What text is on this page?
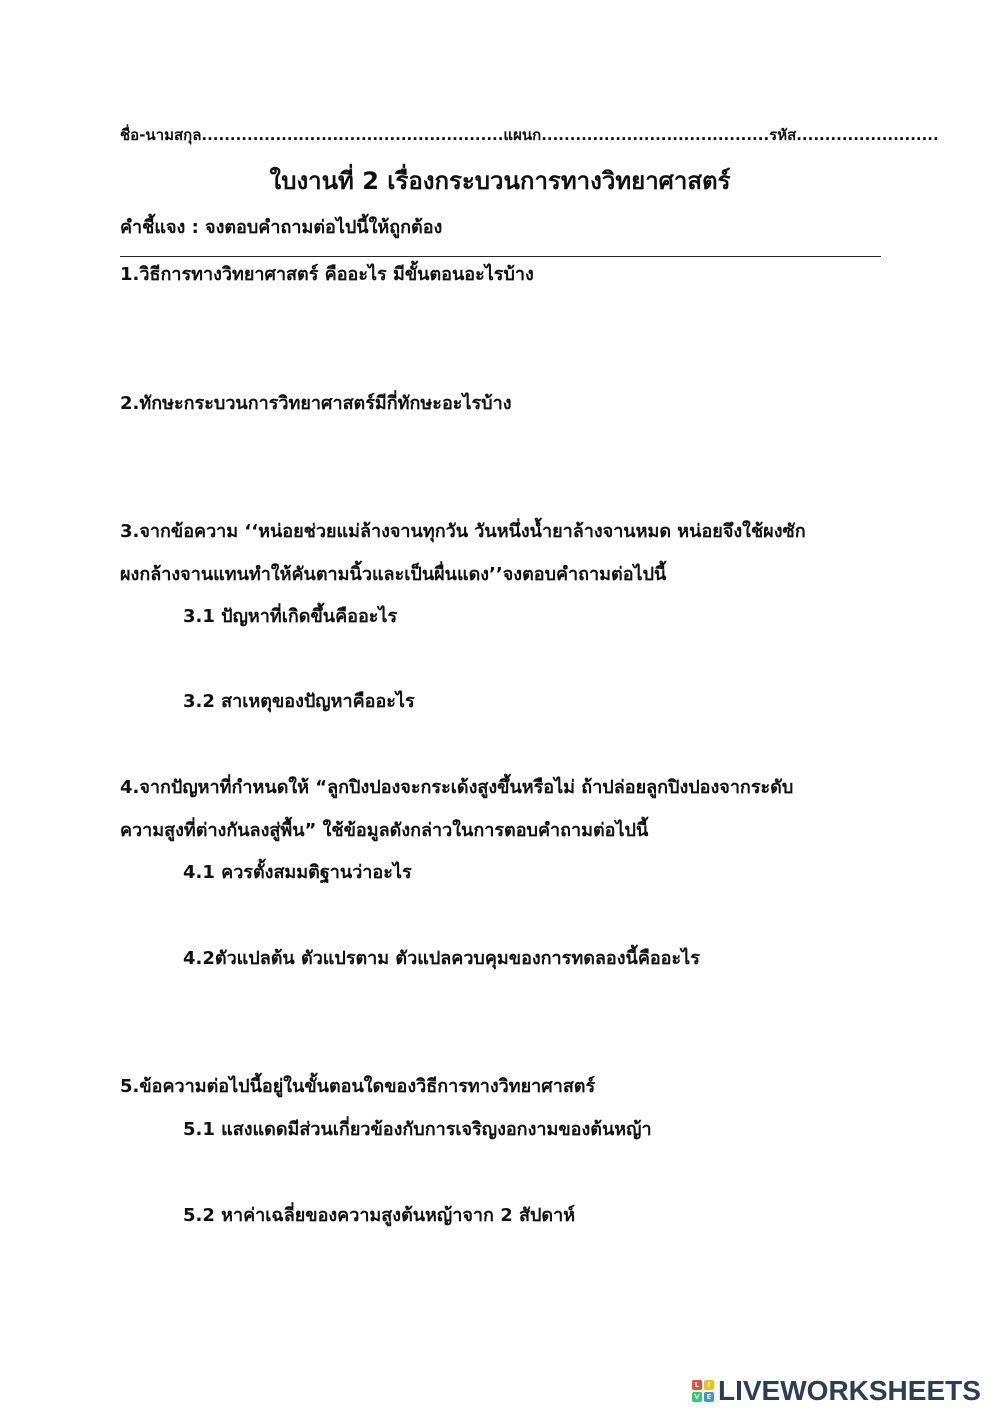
ชื่อ-นามสกุล.....................................................แผนก........................................รหัส.........................
ใบงานที่ 2 เรื่องกระบวนการทางวิทยาศาสตร์
คำชี้แจง : จงตอบคำถามต่อไปนี้ให้ถูกต้อง
1.วิธีการทางวิทยาศาสตร์ คืออะไร มีขั้นตอนอะไรบ้าง
2.ทักษะกระบวนการวิทยาศาสตร์มีกี่ทักษะอะไรบ้าง
3.จากข้อความ ‘‘หน่อยช่วยแม่ล้างจานทุกวัน วันหนึ่งน้ำยาล้างจานหมด หน่อยจึงใช้ผงซัก
ผงกล้างจานแทนทำให้คันตามนิ้วและเป็นผื่นแดง’’จงตอบคำถามต่อไปนี้
3.1 ปัญหาที่เกิดขึ้นคืออะไร
3.2 สาเหตุของปัญหาคืออะไร
4.จากปัญหาที่กำหนดให้ “ลูกปิงปองจะกระเด้งสูงขึ้นหรือไม่ ถ้าปล่อยลูกปิงปองจากระดับ
ความสูงที่ต่างกันลงสู่พื้น” ใช้ข้อมูลดังกล่าวในการตอบคำถามต่อไปนี้
4.1 ควรตั้งสมมติฐานว่าอะไร
4.2ตัวแปลต้น ตัวแปรตาม ตัวแปลควบคุมของการทดลองนี้คืออะไร
5.ข้อความต่อไปนี้อยู่ในขั้นตอนใดของวิธีการทางวิทยาศาสตร์
5.1 แสงแดดมีส่วนเกี่ยวข้องกับการเจริญงอกงามของต้นหญ้า
5.2 หาค่าเฉลี่ยของความสูงต้นหญ้าจาก 2 สัปดาห์
L	I
V E LIVEWORKSHEETS
